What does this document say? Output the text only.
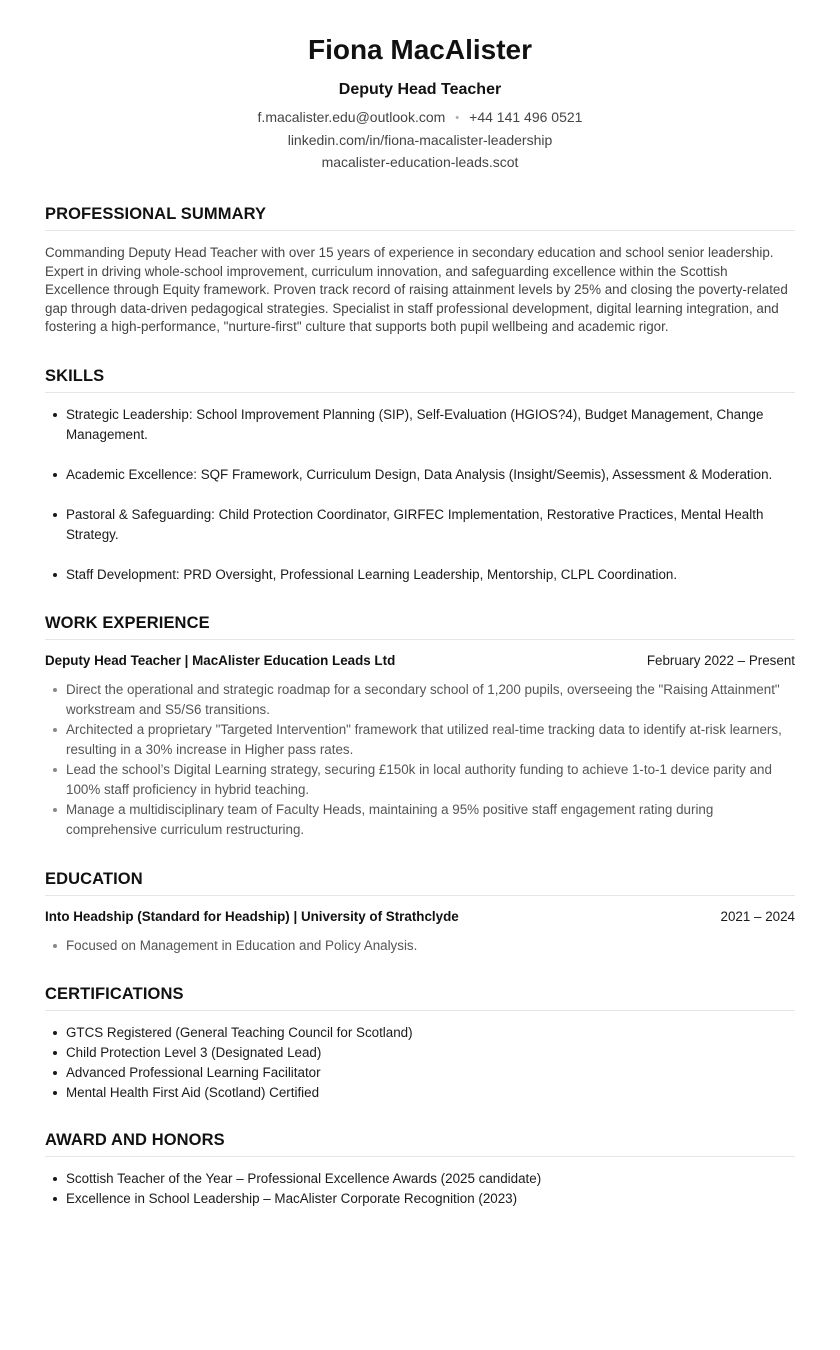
Fiona MacAlister
Deputy Head Teacher
f.macalister.edu@outlook.com • +44 141 496 0521
linkedin.com/in/fiona-macalister-leadership
macalister-education-leads.scot
PROFESSIONAL SUMMARY

Commanding Deputy Head Teacher with over 15 years of experience in secondary education and school senior leadership. Expert in driving whole-school improvement, curriculum innovation, and safeguarding excellence within the Scottish Excellence through Equity framework. Proven track record of raising attainment levels by 25% and closing the poverty-related gap through data-driven pedagogical strategies. Specialist in staff professional development, digital learning integration, and fostering a high-performance, "nurture-first" culture that supports both pupil wellbeing and academic rigor.

SKILLS
Strategic Leadership: School Improvement Planning (SIP), Self-Evaluation (HGIOS?4), Budget Management, Change Management.
Academic Excellence: SQF Framework, Curriculum Design, Data Analysis (Insight/Seemis), Assessment & Moderation.
Pastoral & Safeguarding: Child Protection Coordinator, GIRFEC Implementation, Restorative Practices, Mental Health Strategy.
Staff Development: PRD Oversight, Professional Learning Leadership, Mentorship, CLPL Coordination.
WORK EXPERIENCE
Deputy Head Teacher | MacAlister Education Leads Ltd	February 2022 – Present
Direct the operational and strategic roadmap for a secondary school of 1,200 pupils, overseeing the "Raising Attainment" workstream and S5/S6 transitions.
Architected a proprietary "Targeted Intervention" framework that utilized real-time tracking data to identify at-risk learners, resulting in a 30% increase in Higher pass rates.
Lead the school’s Digital Learning strategy, securing £150k in local authority funding to achieve 1-to-1 device parity and 100% staff proficiency in hybrid teaching.
Manage a multidisciplinary team of Faculty Heads, maintaining a 95% positive staff engagement rating during comprehensive curriculum restructuring.
EDUCATION
Into Headship (Standard for Headship) | University of Strathclyde	2021 – 2024
Focused on Management in Education and Policy Analysis.
CERTIFICATIONS
GTCS Registered (General Teaching Council for Scotland)
Child Protection Level 3 (Designated Lead)
Advanced Professional Learning Facilitator
Mental Health First Aid (Scotland) Certified
AWARD AND HONORS
Scottish Teacher of the Year – Professional Excellence Awards (2025 candidate)
Excellence in School Leadership – MacAlister Corporate Recognition (2023)
